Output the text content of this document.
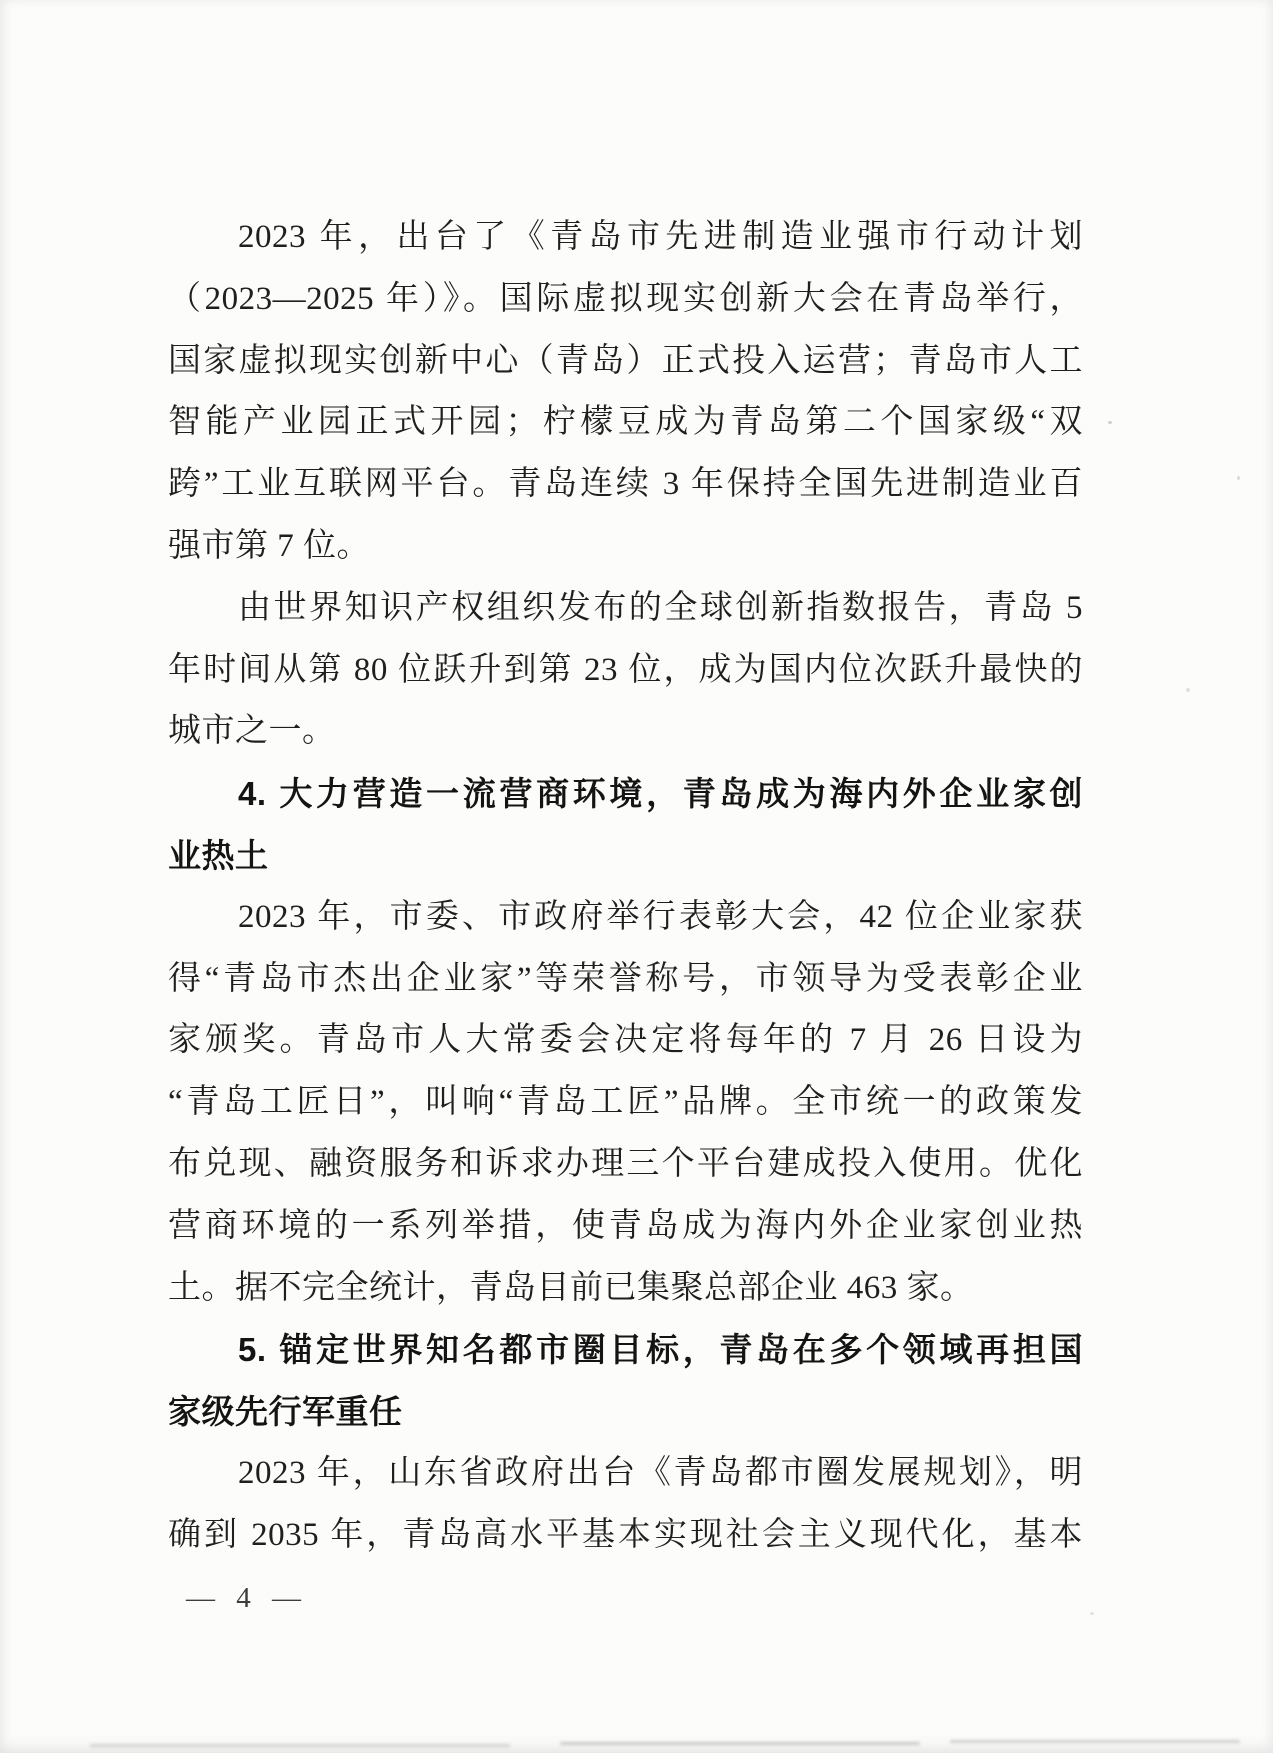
2023 年，出台了《青岛市先进制造业强市行动计划
（2023—2025 年）》。国际虚拟现实创新大会在青岛举行，
国家虚拟现实创新中心（青岛）正式投入运营；青岛市人工
智能产业园正式开园；柠檬豆成为青岛第二个国家级“双
跨”工业互联网平台。青岛连续 3 年保持全国先进制造业百
强市第 7 位。
由世界知识产权组织发布的全球创新指数报告，青岛 5
年时间从第 80 位跃升到第 23 位，成为国内位次跃升最快的
城市之一。
4. 大力营造一流营商环境，青岛成为海内外企业家创
业热土
2023 年，市委、市政府举行表彰大会，42 位企业家获
得“青岛市杰出企业家”等荣誉称号，市领导为受表彰企业
家颁奖。青岛市人大常委会决定将每年的 7 月 26 日设为
“青岛工匠日”，叫响“青岛工匠”品牌。全市统一的政策发
布兑现、融资服务和诉求办理三个平台建成投入使用。优化
营商环境的一系列举措，使青岛成为海内外企业家创业热
土。据不完全统计，青岛目前已集聚总部企业 463 家。
5. 锚定世界知名都市圈目标，青岛在多个领域再担国
家级先行军重任
2023 年，山东省政府出台《青岛都市圈发展规划》，明
确到 2035 年，青岛高水平基本实现社会主义现代化，基本
— 4 —
